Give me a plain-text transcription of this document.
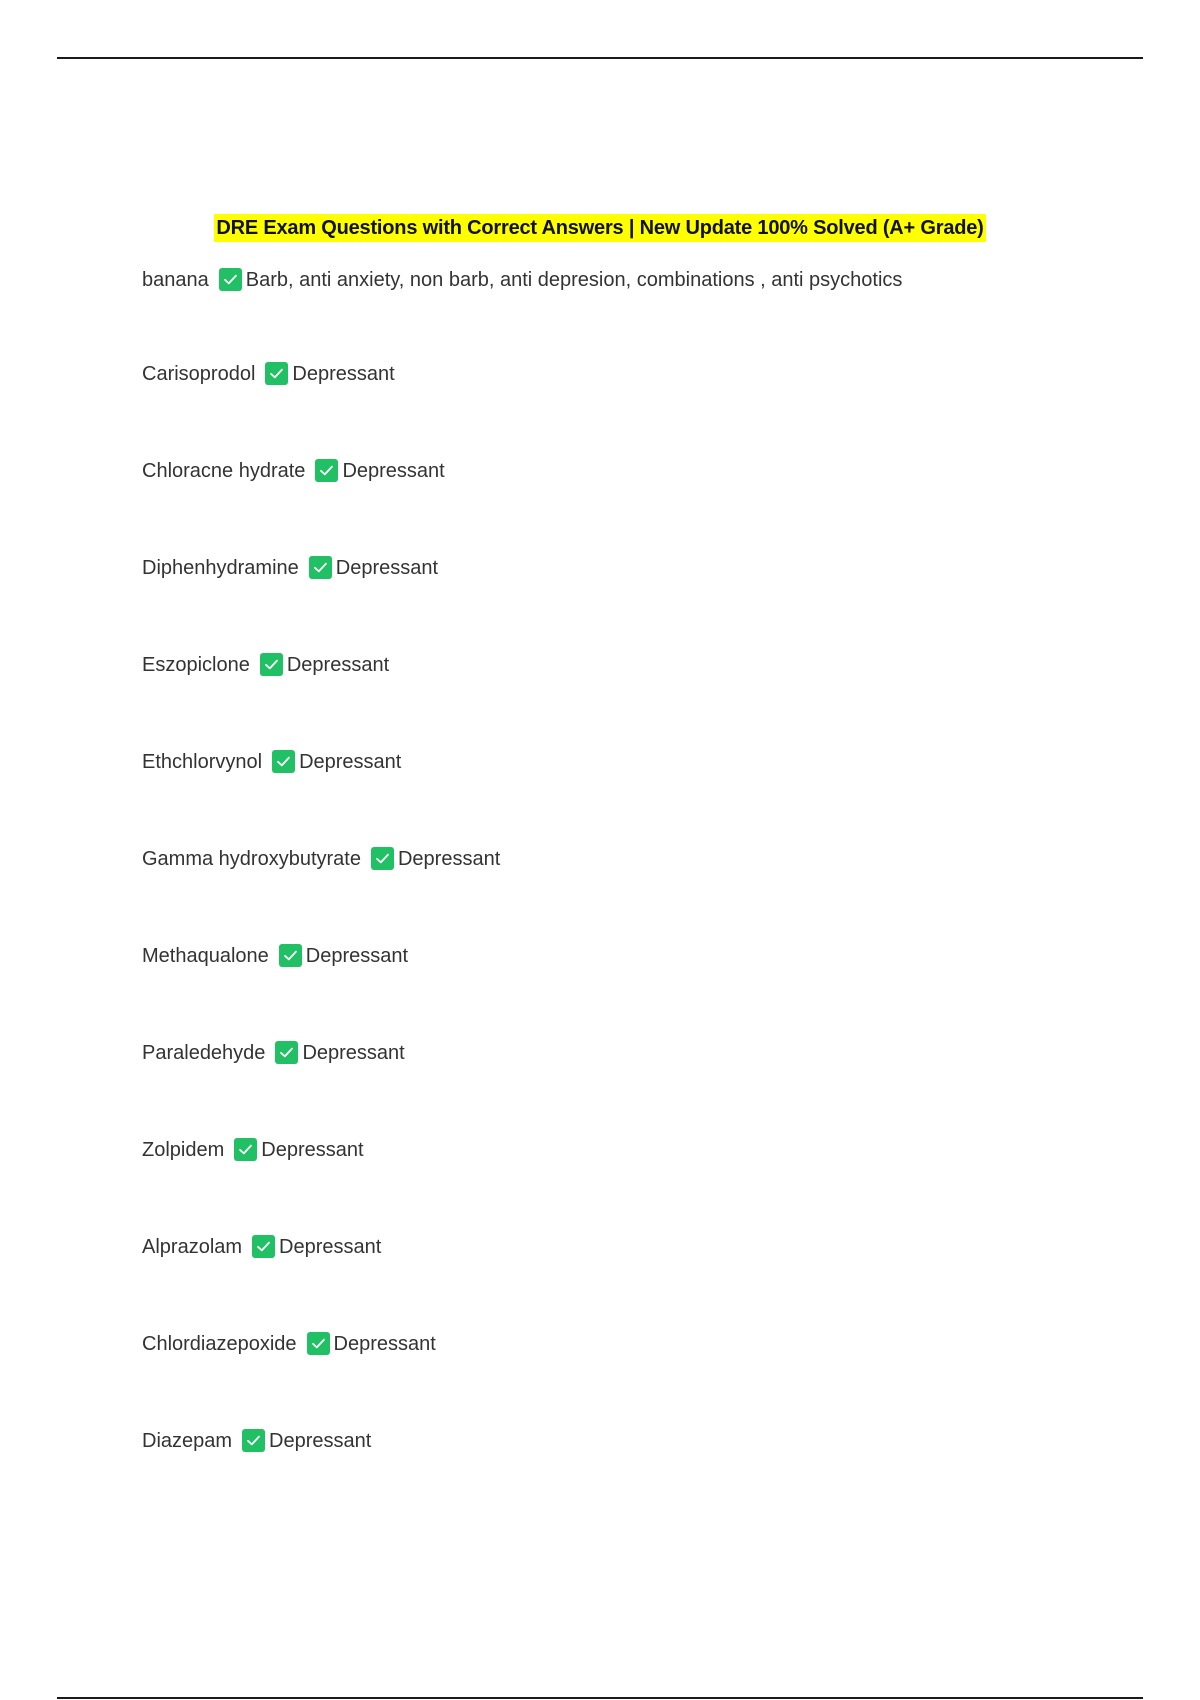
DRE Exam Questions with Correct Answers | New Update 100% Solved (A+ Grade)
banana Barb, anti anxiety, non barb, anti depresion, combinations , anti psychotics
Carisoprodol Depressant
Chloracne hydrate Depressant
Diphenhydramine Depressant
Eszopiclone Depressant
Ethchlorvynol Depressant
Gamma hydroxybutyrate Depressant
Methaqualone Depressant
Paraledehyde Depressant
Zolpidem Depressant
Alprazolam Depressant
Chlordiazepoxide Depressant
Diazepam Depressant
